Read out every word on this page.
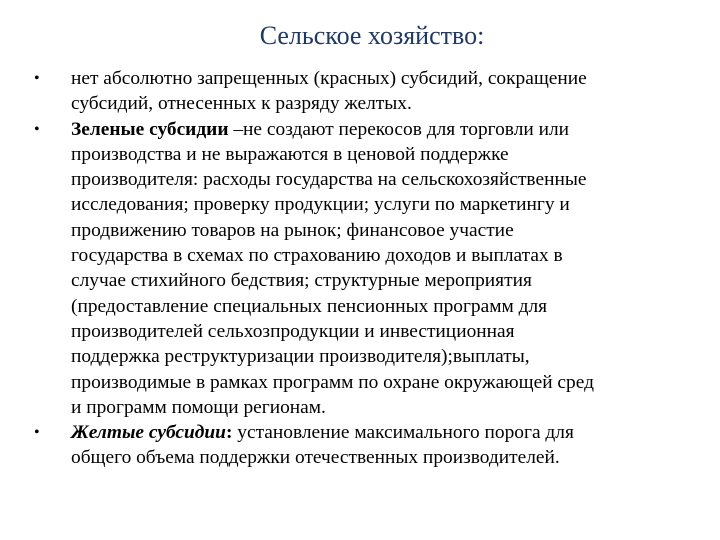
Сельское хозяйство:
• нет абсолютно запрещенных (красных) субсидий, сокращение
субсидий, отнесенных к разряду желтых.
• Зеленые субсидии –не создают перекосов для торговли или
производства и не выражаются в ценовой поддержке
производителя: расходы государства на сельскохозяйственные
исследования; проверку продукции; услуги по маркетингу и
продвижению товаров на рынок; финансовое участие
государства в схемах по страхованию доходов и выплатах в
случае стихийного бедствия; структурные мероприятия
(предоставление специальных пенсионных программ для
производителей сельхозпродукции и инвестиционная
поддержка реструктуризации производителя);выплаты,
производимые в рамках программ по охране окружающей сред
и программ помощи регионам.
• Желтые субсидии: установление максимального порога для
общего объема поддержки отечественных производителей.
